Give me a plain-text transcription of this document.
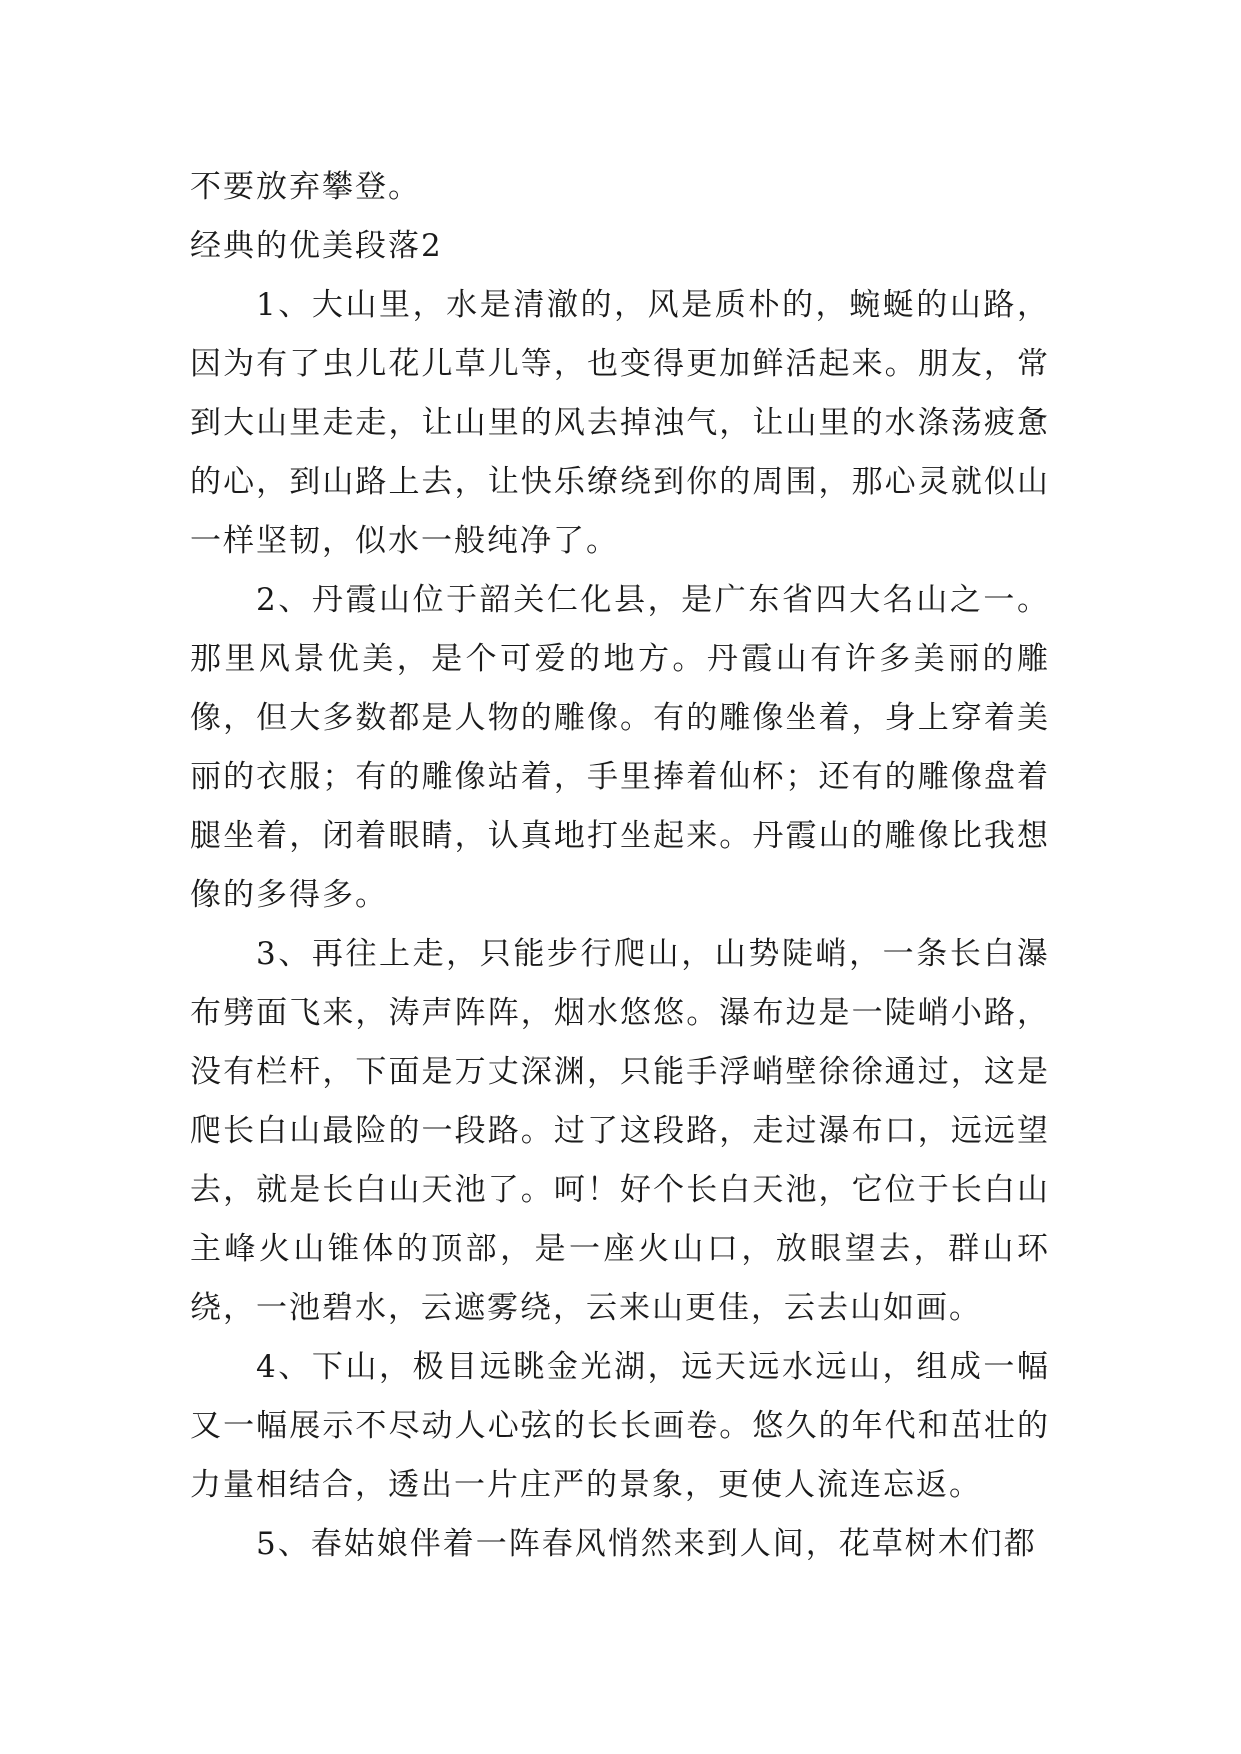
不要放弃攀登。

经典的优美段落2

1、大山里，水是清澈的，风是质朴的，蜿蜒的山路，因为有了虫儿花儿草儿等，也变得更加鲜活起来。朋友，常到大山里走走，让山里的风去掉浊气，让山里的水涤荡疲惫的心，到山路上去，让快乐缭绕到你的周围，那心灵就似山一样坚韧，似水一般纯净了。

2、丹霞山位于韶关仁化县，是广东省四大名山之一。那里风景优美，是个可爱的地方。丹霞山有许多美丽的雕像，但大多数都是人物的雕像。有的雕像坐着，身上穿着美丽的衣服；有的雕像站着，手里捧着仙杯；还有的雕像盘着腿坐着，闭着眼睛，认真地打坐起来。丹霞山的雕像比我想像的多得多。

3、再往上走，只能步行爬山，山势陡峭，一条长白瀑布劈面飞来，涛声阵阵，烟水悠悠。瀑布边是一陡峭小路，没有栏杆，下面是万丈深渊，只能手浮峭壁徐徐通过，这是爬长白山最险的一段路。过了这段路，走过瀑布口，远远望去，就是长白山天池了。呵！好个长白天池，它位于长白山主峰火山锥体的顶部，是一座火山口，放眼望去，群山环绕，一池碧水，云遮雾绕，云来山更佳，云去山如画。

4、下山，极目远眺金光湖，远天远水远山，组成一幅又一幅展示不尽动人心弦的长长画卷。悠久的年代和茁壮的力量相结合，透出一片庄严的景象，更使人流连忘返。

5、春姑娘伴着一阵春风悄然来到人间，花草树木们都
